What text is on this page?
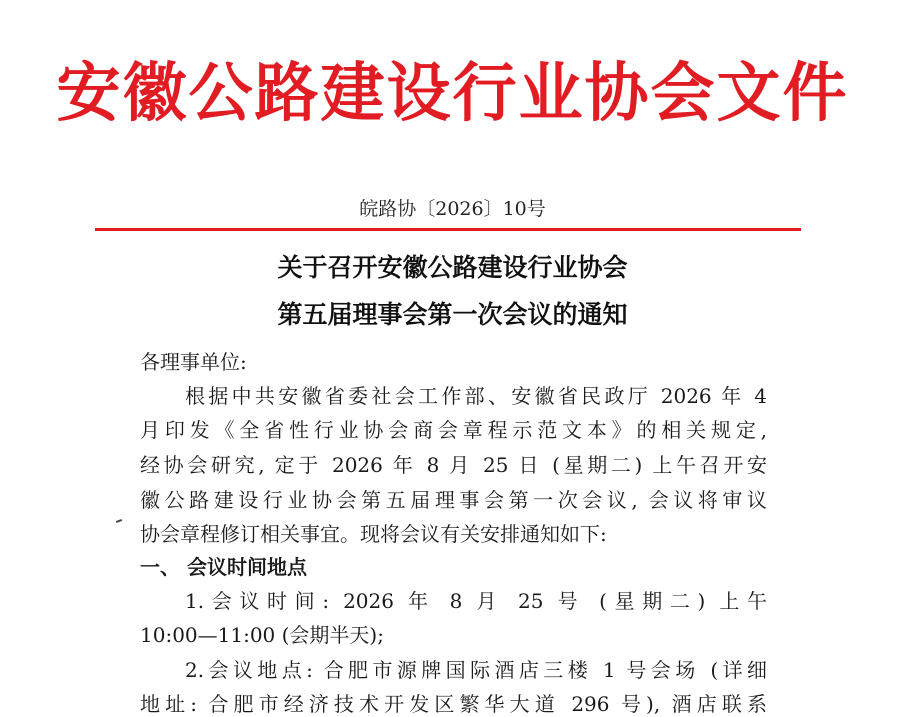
安徽公路建设行业协会文件
皖路协〔2026〕10号
关于召开安徽公路建设行业协会
第五届理事会第一次会议的通知
各理事单位:
根据中共安徽省委社会工作部、安徽省民政厅 2026 年 4
月印发《全省性行业协会商会章程示范文本》的相关规定,
经协会研究, 定于 2026 年 8 月 25 日 (星期二) 上午召开安
徽公路建设行业协会第五届理事会第一次会议, 会议将审议
协会章程修订相关事宜。现将会议有关安排通知如下:
一、 会议时间地点
1.会议时间: 2026 年 8 月 25 号 (星期二) 上午
10:00—11:00 (会期半天);
2.会议地点: 合肥市源牌国际酒店三楼 1 号会场 (详细
地址: 合肥市经济技术开发区繁华大道 296 号), 酒店联系
